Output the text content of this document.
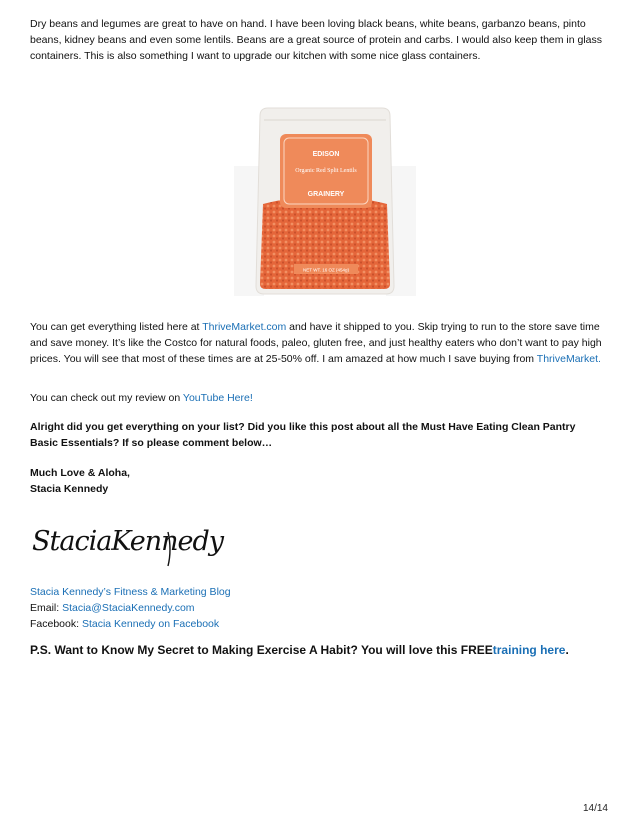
Dry beans and legumes are great to have on hand. I have been loving black beans, white beans, garbanzo beans, pinto beans, kidney beans and even some lentils. Beans are a great source of protein and carbs. I would also keep them in glass containers. This is also something I want to upgrade our kitchen with some nice glass containers.

EDISON
Organic Red Split Lentils
GRAINERY
NET WT. 16 OZ (454g)

You can get everything listed here at ThriveMarket.com and have it shipped to you. Skip trying to run to the store save time and save money. It’s like the Costco for natural foods, paleo, gluten free, and just healthy eaters who don’t want to pay high prices. You will see that most of these times are at 25-50% off. I am amazed at how much I save buying from ThriveMarket.

You can check out my review on YouTube Here!

Alright did you get everything on your list? Did you like this post about all the Must Have Eating Clean Pantry Basic Essentials? If so please comment below…

Much Love & Aloha,
Stacia Kennedy

StaciaKennedy

Stacia Kennedy’s Fitness & Marketing Blog
Email: Stacia@StaciaKennedy.com
Facebook: Stacia Kennedy on Facebook

P.S. Want to Know My Secret to Making Exercise A Habit? You will love this FREEtraining here.

14/14
